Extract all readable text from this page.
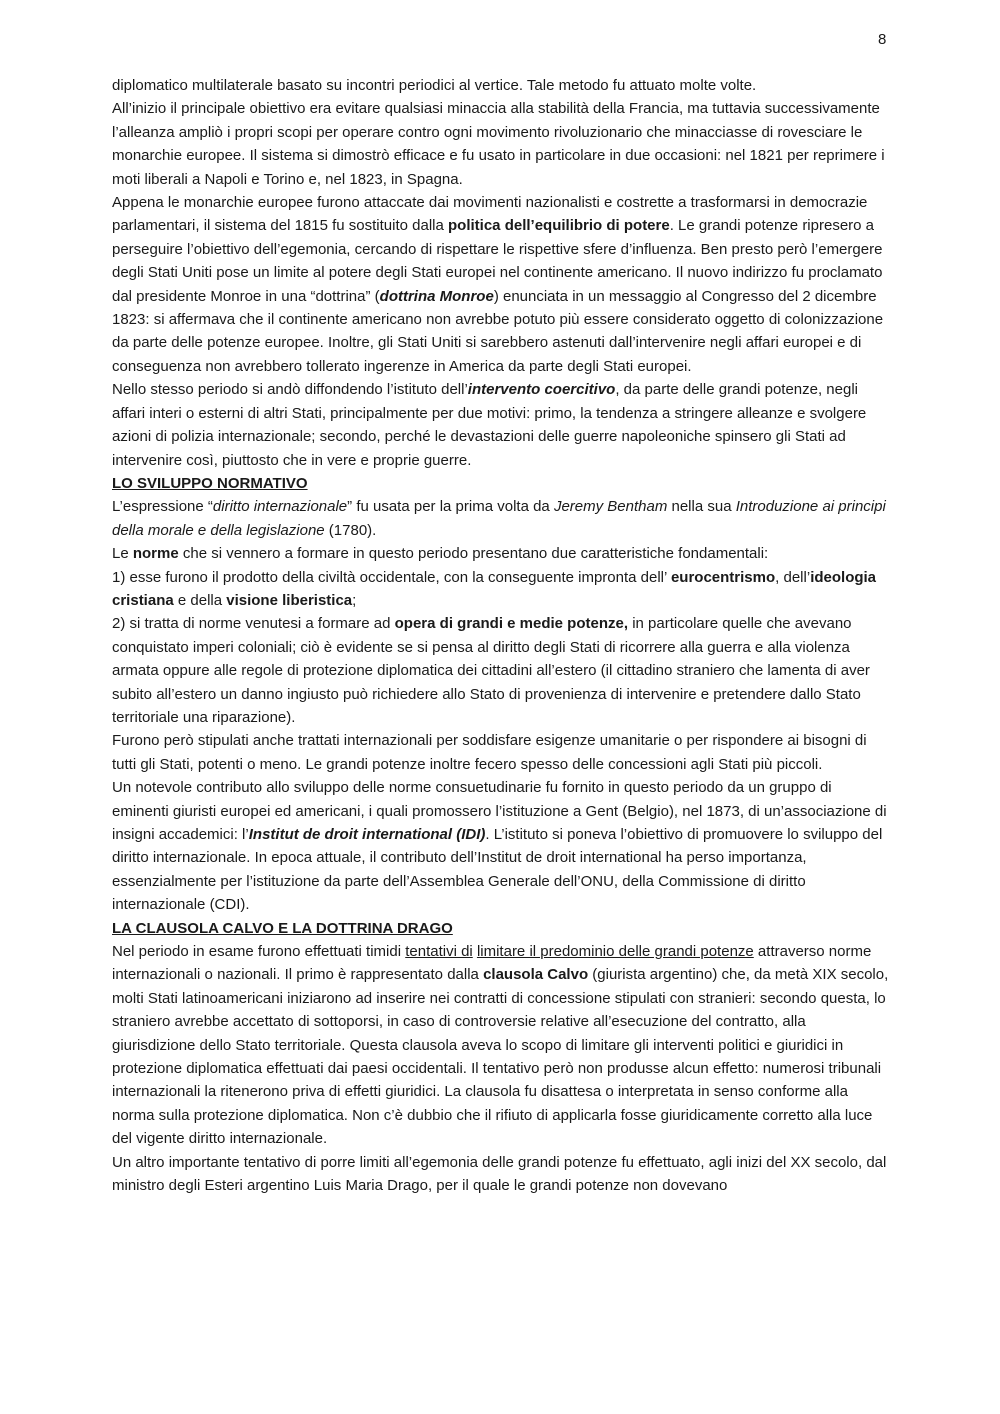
8

diplomatico multilaterale basato su incontri periodici al vertice. Tale metodo fu attuato molte volte.

All’inizio il principale obiettivo era evitare qualsiasi minaccia alla stabilità della Francia, ma tuttavia successivamente l’alleanza ampliò i propri scopi per operare contro ogni movimento rivoluzionario che minacciasse di rovesciare le monarchie europee. Il sistema si dimostrò efficace e fu usato in particolare in due occasioni: nel 1821 per reprimere i moti liberali a Napoli e Torino e, nel 1823, in Spagna.

Appena le monarchie europee furono attaccate dai movimenti nazionalisti e costrette a trasformarsi in democrazie parlamentari, il sistema del 1815 fu sostituito dalla politica dell’equilibrio di potere. Le grandi potenze ripresero a perseguire l’obiettivo dell’egemonia, cercando di rispettare le rispettive sfere d’influenza. Ben presto però l’emergere degli Stati Uniti pose un limite al potere degli Stati europei nel continente americano. Il nuovo indirizzo fu proclamato dal presidente Monroe in una “dottrina” (dottrina Monroe) enunciata in un messaggio al Congresso del 2 dicembre 1823: si affermava che il continente americano non avrebbe potuto più essere considerato oggetto di colonizzazione da parte delle potenze europee. Inoltre, gli Stati Uniti si sarebbero astenuti dall’intervenire negli affari europei e di conseguenza non avrebbero tollerato ingerenze in America da parte degli Stati europei.

Nello stesso periodo si andò diffondendo l’istituto dell’intervento coercitivo, da parte delle grandi potenze, negli affari interi o esterni di altri Stati, principalmente per due motivi: primo, la tendenza a stringere alleanze e svolgere azioni di polizia internazionale; secondo, perché le devastazioni delle guerre napoleoniche spinsero gli Stati ad intervenire così, piuttosto che in vere e proprie guerre.

LO SVILUPPO NORMATIVO

L’espressione “diritto internazionale” fu usata per la prima volta da Jeremy Bentham nella sua Introduzione ai principi della morale e della legislazione (1780).

Le norme che si vennero a formare in questo periodo presentano due caratteristiche fondamentali:

1) esse furono il prodotto della civiltà occidentale, con la conseguente impronta dell’ eurocentrismo, dell’ideologia cristiana e della visione liberistica;

2) si tratta di norme venutesi a formare ad opera di grandi e medie potenze, in particolare quelle che avevano conquistato imperi coloniali; ciò è evidente se si pensa al diritto degli Stati di ricorrere alla guerra e alla violenza armata oppure alle regole di protezione diplomatica dei cittadini all’estero (il cittadino straniero che lamenta di aver subito all’estero un danno ingiusto può richiedere allo Stato di provenienza di intervenire e pretendere dallo Stato territoriale una riparazione).

Furono però stipulati anche trattati internazionali per soddisfare esigenze umanitarie o per rispondere ai bisogni di tutti gli Stati, potenti o meno. Le grandi potenze inoltre fecero spesso delle concessioni agli Stati più piccoli.

Un notevole contributo allo sviluppo delle norme consuetudinarie fu fornito in questo periodo da un gruppo di eminenti giuristi europei ed americani, i quali promossero l’istituzione a Gent (Belgio), nel 1873, di un’associazione di insigni accademici: l’Institut de droit international (IDI). L’istituto si poneva l’obiettivo di promuovere lo sviluppo del diritto internazionale. In epoca attuale, il contributo dell’Institut de droit international ha perso importanza, essenzialmente per l’istituzione da parte dell’Assemblea Generale dell’ONU, della Commissione di diritto internazionale (CDI).

LA CLAUSOLA CALVO E LA DOTTRINA DRAGO

Nel periodo in esame furono effettuati timidi tentativi di limitare il predominio delle grandi potenze attraverso norme internazionali o nazionali. Il primo è rappresentato dalla clausola Calvo (giurista argentino) che, da metà XIX secolo, molti Stati latinoamericani iniziarono ad inserire nei contratti di concessione stipulati con stranieri: secondo questa, lo straniero avrebbe accettato di sottoporsi, in caso di controversie relative all’esecuzione del contratto, alla giurisdizione dello Stato territoriale. Questa clausola aveva lo scopo di limitare gli interventi politici e giuridici in protezione diplomatica effettuati dai paesi occidentali. Il tentativo però non produsse alcun effetto: numerosi tribunali internazionali la ritenerono priva di effetti giuridici. La clausola fu disattesa o interpretata in senso conforme alla norma sulla protezione diplomatica. Non c’è dubbio che il rifiuto di applicarla fosse giuridicamente corretto alla luce del vigente diritto internazionale.

Un altro importante tentativo di porre limiti all’egemonia delle grandi potenze fu effettuato, agli inizi del XX secolo, dal ministro degli Esteri argentino Luis Maria Drago, per il quale le grandi potenze non dovevano
